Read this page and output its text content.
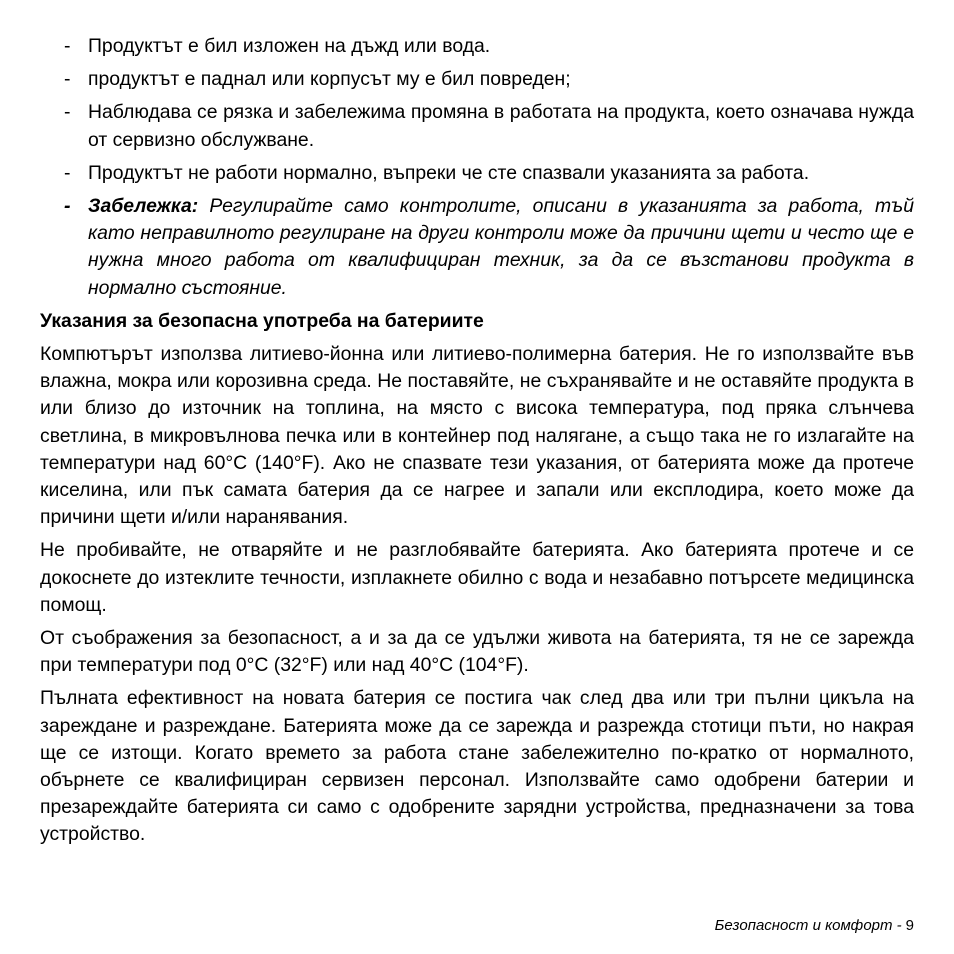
- Продуктът е бил изложен на дъжд или вода.
- продуктът е паднал или корпусът му е бил повреден;
- Наблюдава се рязка и забележима промяна в работата на продукта, което означава нужда от сервизно обслужване.
- Продуктът не работи нормално, въпреки че сте спазвали указанията за работа.
- Забележка: Регулирайте само контролите, описани в указанията за работа, тъй като неправилното регулиране на други контроли може да причини щети и често ще е нужна много работа от квалифициран техник, за да се възстанови продукта в нормално състояние.
Указания за безопасна употреба на батериите
Компютърът използва литиево-йонна или литиево-полимерна батерия. Не го използвайте във влажна, мокра или корозивна среда. Не поставяйте, не съхранявайте и не оставяйте продукта в или близо до източник на топлина, на място с висока температура, под пряка слънчева светлина, в микровълнова печка или в контейнер под налягане, а също така не го излагайте на температури над 60°C (140°F). Ако не спазвате тези указания, от батерията може да протече киселина, или пък самата батерия да се нагрее и запали или експлодира, което може да причини щети и/или наранявания.
Не пробивайте, не отваряйте и не разглобявайте батерията. Ако батерията протече и се докоснете до изтеклите течности, изплакнете обилно с вода и незабавно потърсете медицинска помощ.
От съображения за безопасност, а и за да се удължи живота на батерията, тя не се зарежда при температури под 0°C (32°F) или над 40°C (104°F).
Пълната ефективност на новата батерия се постига чак след два или три пълни цикъла на зареждане и разреждане. Батерията може да се зарежда и разрежда стотици пъти, но накрая ще се изтощи. Когато времето за работа стане забележително по-кратко от нормалното, обърнете се квалифициран сервизен персонал. Използвайте само одобрени батерии и презареждайте батерията си само с одобрените зарядни устройства, предназначени за това устройство.
Безопасност и комфорт - 9
